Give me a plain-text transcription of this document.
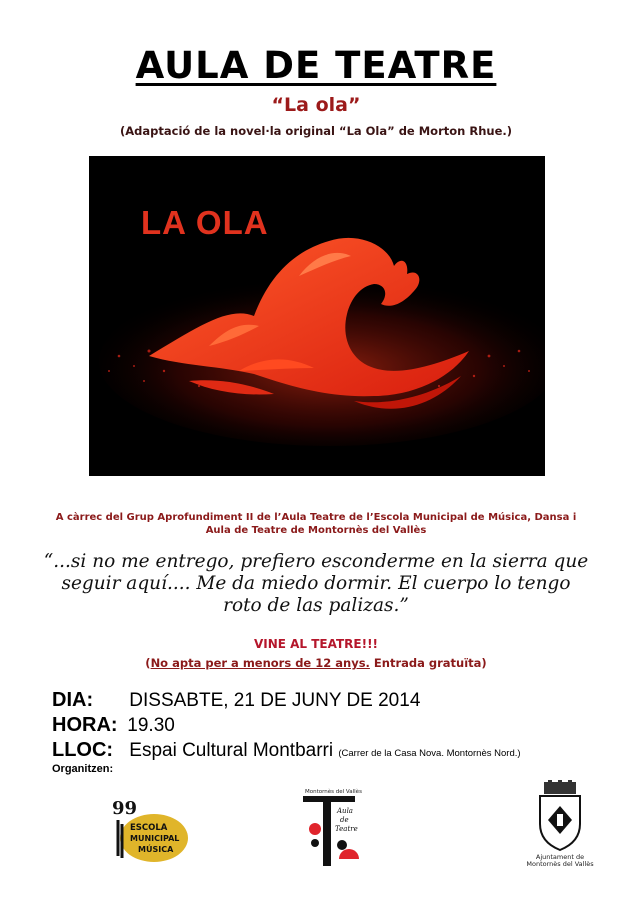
AULA DE TEATRE
“La ola”
(Adaptació de la novel·la original “La Ola” de Morton Rhue.)
LA OLA
A càrrec del Grup Aprofundiment II de l’Aula Teatre de l’Escola Municipal de Música, Dansa i Aula de Teatre de Montornès del Vallès
“...si no me entrego, prefiero esconderme en la sierra que seguir aquí.... Me da miedo dormir. El cuerpo lo tengo roto de las palizas.”
VINE AL TEATRE!!!
(No apta per a menors de 12 anys. Entrada gratuïta)
DIA: DISSABTE, 21 DE JUNY DE 2014
HORA: 19.30
LLOC: Espai Cultural Montbarri (Carrer de la Casa Nova. Montornès Nord.)
Organitzen:
99
ESCOLA
MUNICIPAL
MÚSICA
Montornès del Vallès
Aula
de
Teatre
Ajuntament de
Montornès del Vallès
